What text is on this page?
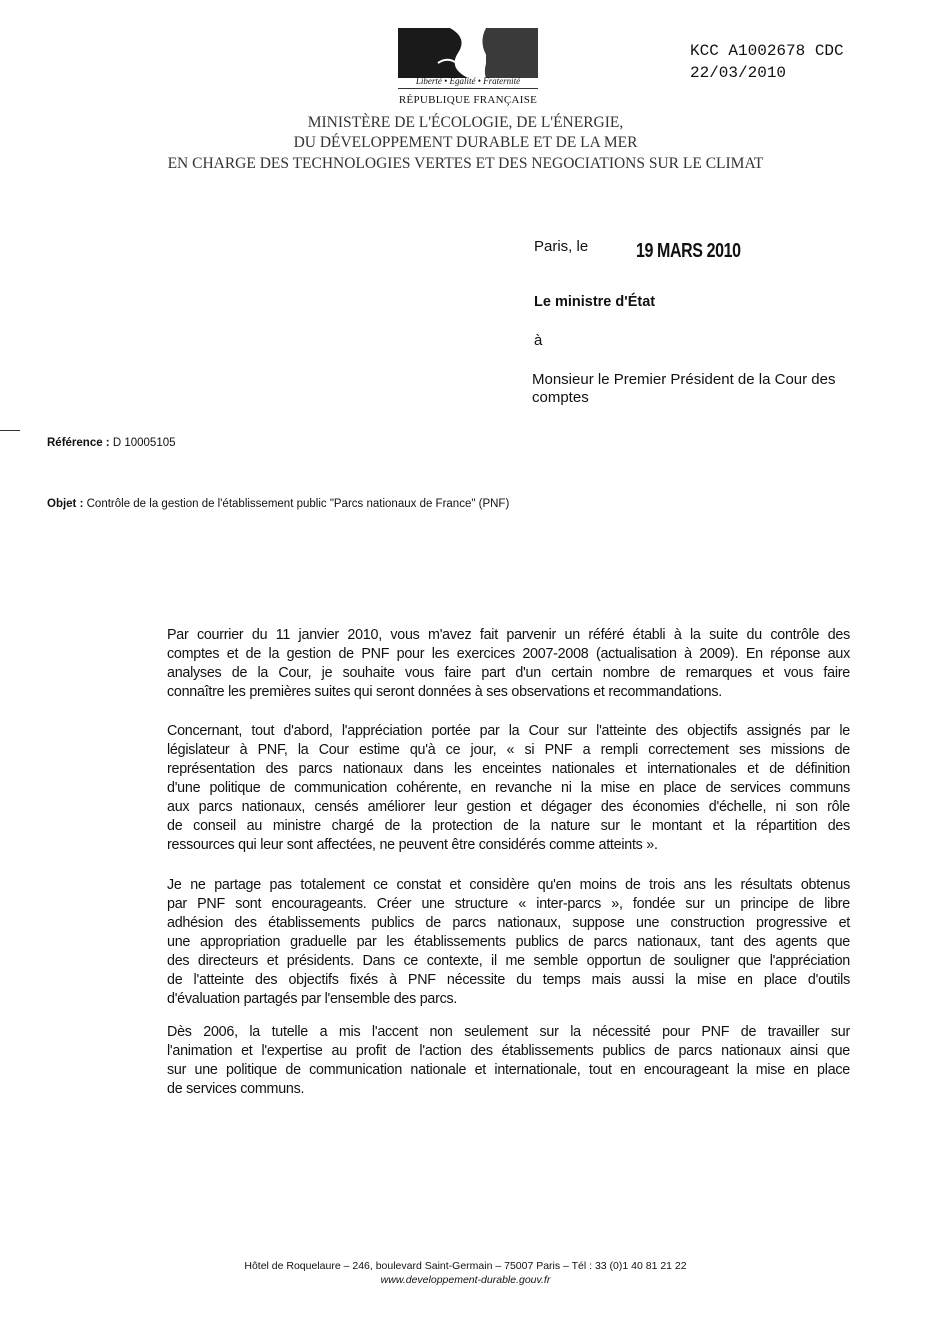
Liberté • Égalité • Fraternité
RÉPUBLIQUE FRANÇAISE
MINISTÈRE DE L'ÉCOLOGIE, DE L'ÉNERGIE,
DU DÉVELOPPEMENT DURABLE ET DE LA MER
EN CHARGE DES TECHNOLOGIES VERTES ET DES NEGOCIATIONS SUR LE CLIMAT
KCC A1002678 CDC
22/03/2010
Paris, le 19 MARS 2010
Le ministre d'État
à
Monsieur le Premier Président de la Cour des comptes
Référence : D 10005105
Objet : Contrôle de la gestion de l'établissement public "Parcs nationaux de France" (PNF)
Par courrier du 11 janvier 2010, vous m'avez fait parvenir un référé établi à la suite du contrôle des
comptes et de la gestion de PNF pour les exercices 2007-2008 (actualisation à 2009). En réponse aux
analyses de la Cour, je souhaite vous faire part d'un certain nombre de remarques et vous faire
connaître les premières suites qui seront données à ses observations et recommandations.
Concernant, tout d'abord, l'appréciation portée par la Cour sur l'atteinte des objectifs assignés par le
législateur à PNF, la Cour estime qu'à ce jour, « si PNF a rempli correctement ses missions de
représentation des parcs nationaux dans les enceintes nationales et internationales et de définition
d'une politique de communication cohérente, en revanche ni la mise en place de services communs
aux parcs nationaux, censés améliorer leur gestion et dégager des économies d'échelle, ni son rôle
de conseil au ministre chargé de la protection de la nature sur le montant et la répartition des
ressources qui leur sont affectées, ne peuvent être considérés comme atteints ».
Je ne partage pas totalement ce constat et considère qu'en moins de trois ans les résultats obtenus
par PNF sont encourageants. Créer une structure « inter-parcs », fondée sur un principe de libre
adhésion des établissements publics de parcs nationaux, suppose une construction progressive et
une appropriation graduelle par les établissements publics de parcs nationaux, tant des agents que
des directeurs et présidents. Dans ce contexte, il me semble opportun de souligner que l'appréciation
de l'atteinte des objectifs fixés à PNF nécessite du temps mais aussi la mise en place d'outils
d'évaluation partagés par l'ensemble des parcs.
Dès 2006, la tutelle a mis l'accent non seulement sur la nécessité pour PNF de travailler sur
l'animation et l'expertise au profit de l'action des établissements publics de parcs nationaux ainsi que
sur une politique de communication nationale et internationale, tout en encourageant la mise en place
de services communs.
Hôtel de Roquelaure – 246, boulevard Saint-Germain – 75007 Paris – Tél : 33 (0)1 40 81 21 22
www.developpement-durable.gouv.fr
